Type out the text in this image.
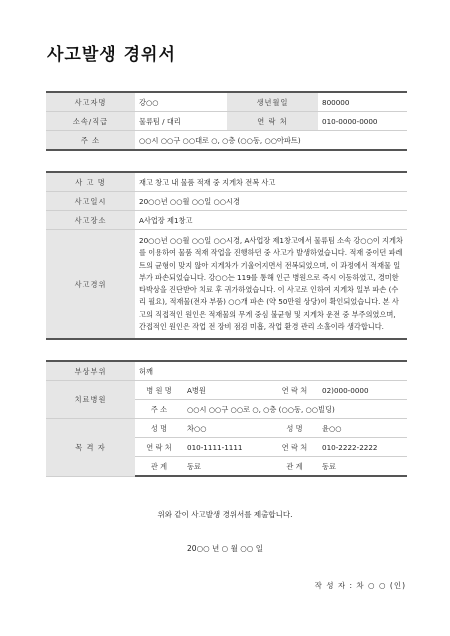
사고발생 경위서
사고자명	강○○		생년월일		800000
소속/직급	물류팀 / 대리		연 락 처		010-0000-0000
주 소	○○시 ○○구 ○○대로 ○, ○층 (○○동, ○○아파트)				

사 고 명	재고 창고 내 물품 적재 중 지게차 전복 사고				
사고일시	20○○년 ○○월 ○○일 ○○시경				
사고장소	A사업장 제1창고				
사고경위	20○○년 ○○월 ○○일 ○○시경, A사업장 제1창고에서 물류팀 소속 강○○이 지게차를 이용하여 물품 적재 작업을 진행하던 중 사고가 발생하였습니다. 적재 중이던 파레트의 균형이 맞지 않아 지게차가 기울어지면서 전복되었으며, 이 과정에서 적재물 일부가 파손되었습니다. 강○○는 119를 통해 인근 병원으로 즉시 이동하였고, 경미한 타박상을 진단받아 치료 후 귀가하였습니다. 이 사고로 인하여 지게차 일부 파손 (수리 필요), 적재물(전자 부품) ○○개 파손 (약 50만원 상당)이 확인되었습니다. 본 사고의 직접적인 원인은 적재물의 무게 중심 불균형 및 지게차 운전 중 부주의였으며, 간접적인 원인은 작업 전 장비 점검 미흡, 작업 환경 관리 소홀이라 생각합니다.				

부상부위	허깨				
치료병원	병 원 명	A병원		연 락 처	02)000-0000
	주 소	○○시 ○○구 ○○로 ○, ○층 (○○동, ○○빌딩)			
목 격 자	성 명	차○○		성 명	윤○○
	연 락 처	010-1111-1111		연 락 처	010-2222-2222
	관 계	동료		관 계	동료
위와 같이 사고발생 경위서를 제출합니다.
20○○ 년 ○ 월 ○○ 일
작 성 자 : 차 ○ ○ (인)
